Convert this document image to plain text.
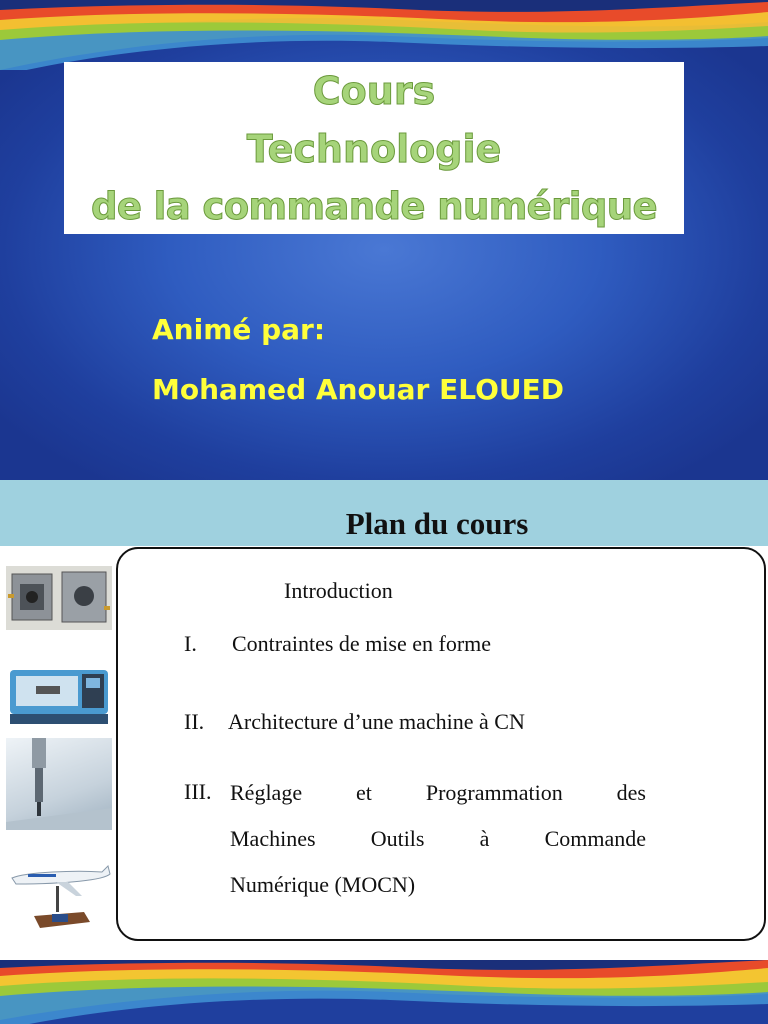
Cours
Technologie
de la commande numérique
Animé par:
Mohamed Anouar ELOUED
Plan du cours
Introduction
I. Contraintes de mise en forme
II. Architecture d’une machine à CN
III. Réglage et Programmation des
Machines Outils à Commande
Numérique (MOCN)
